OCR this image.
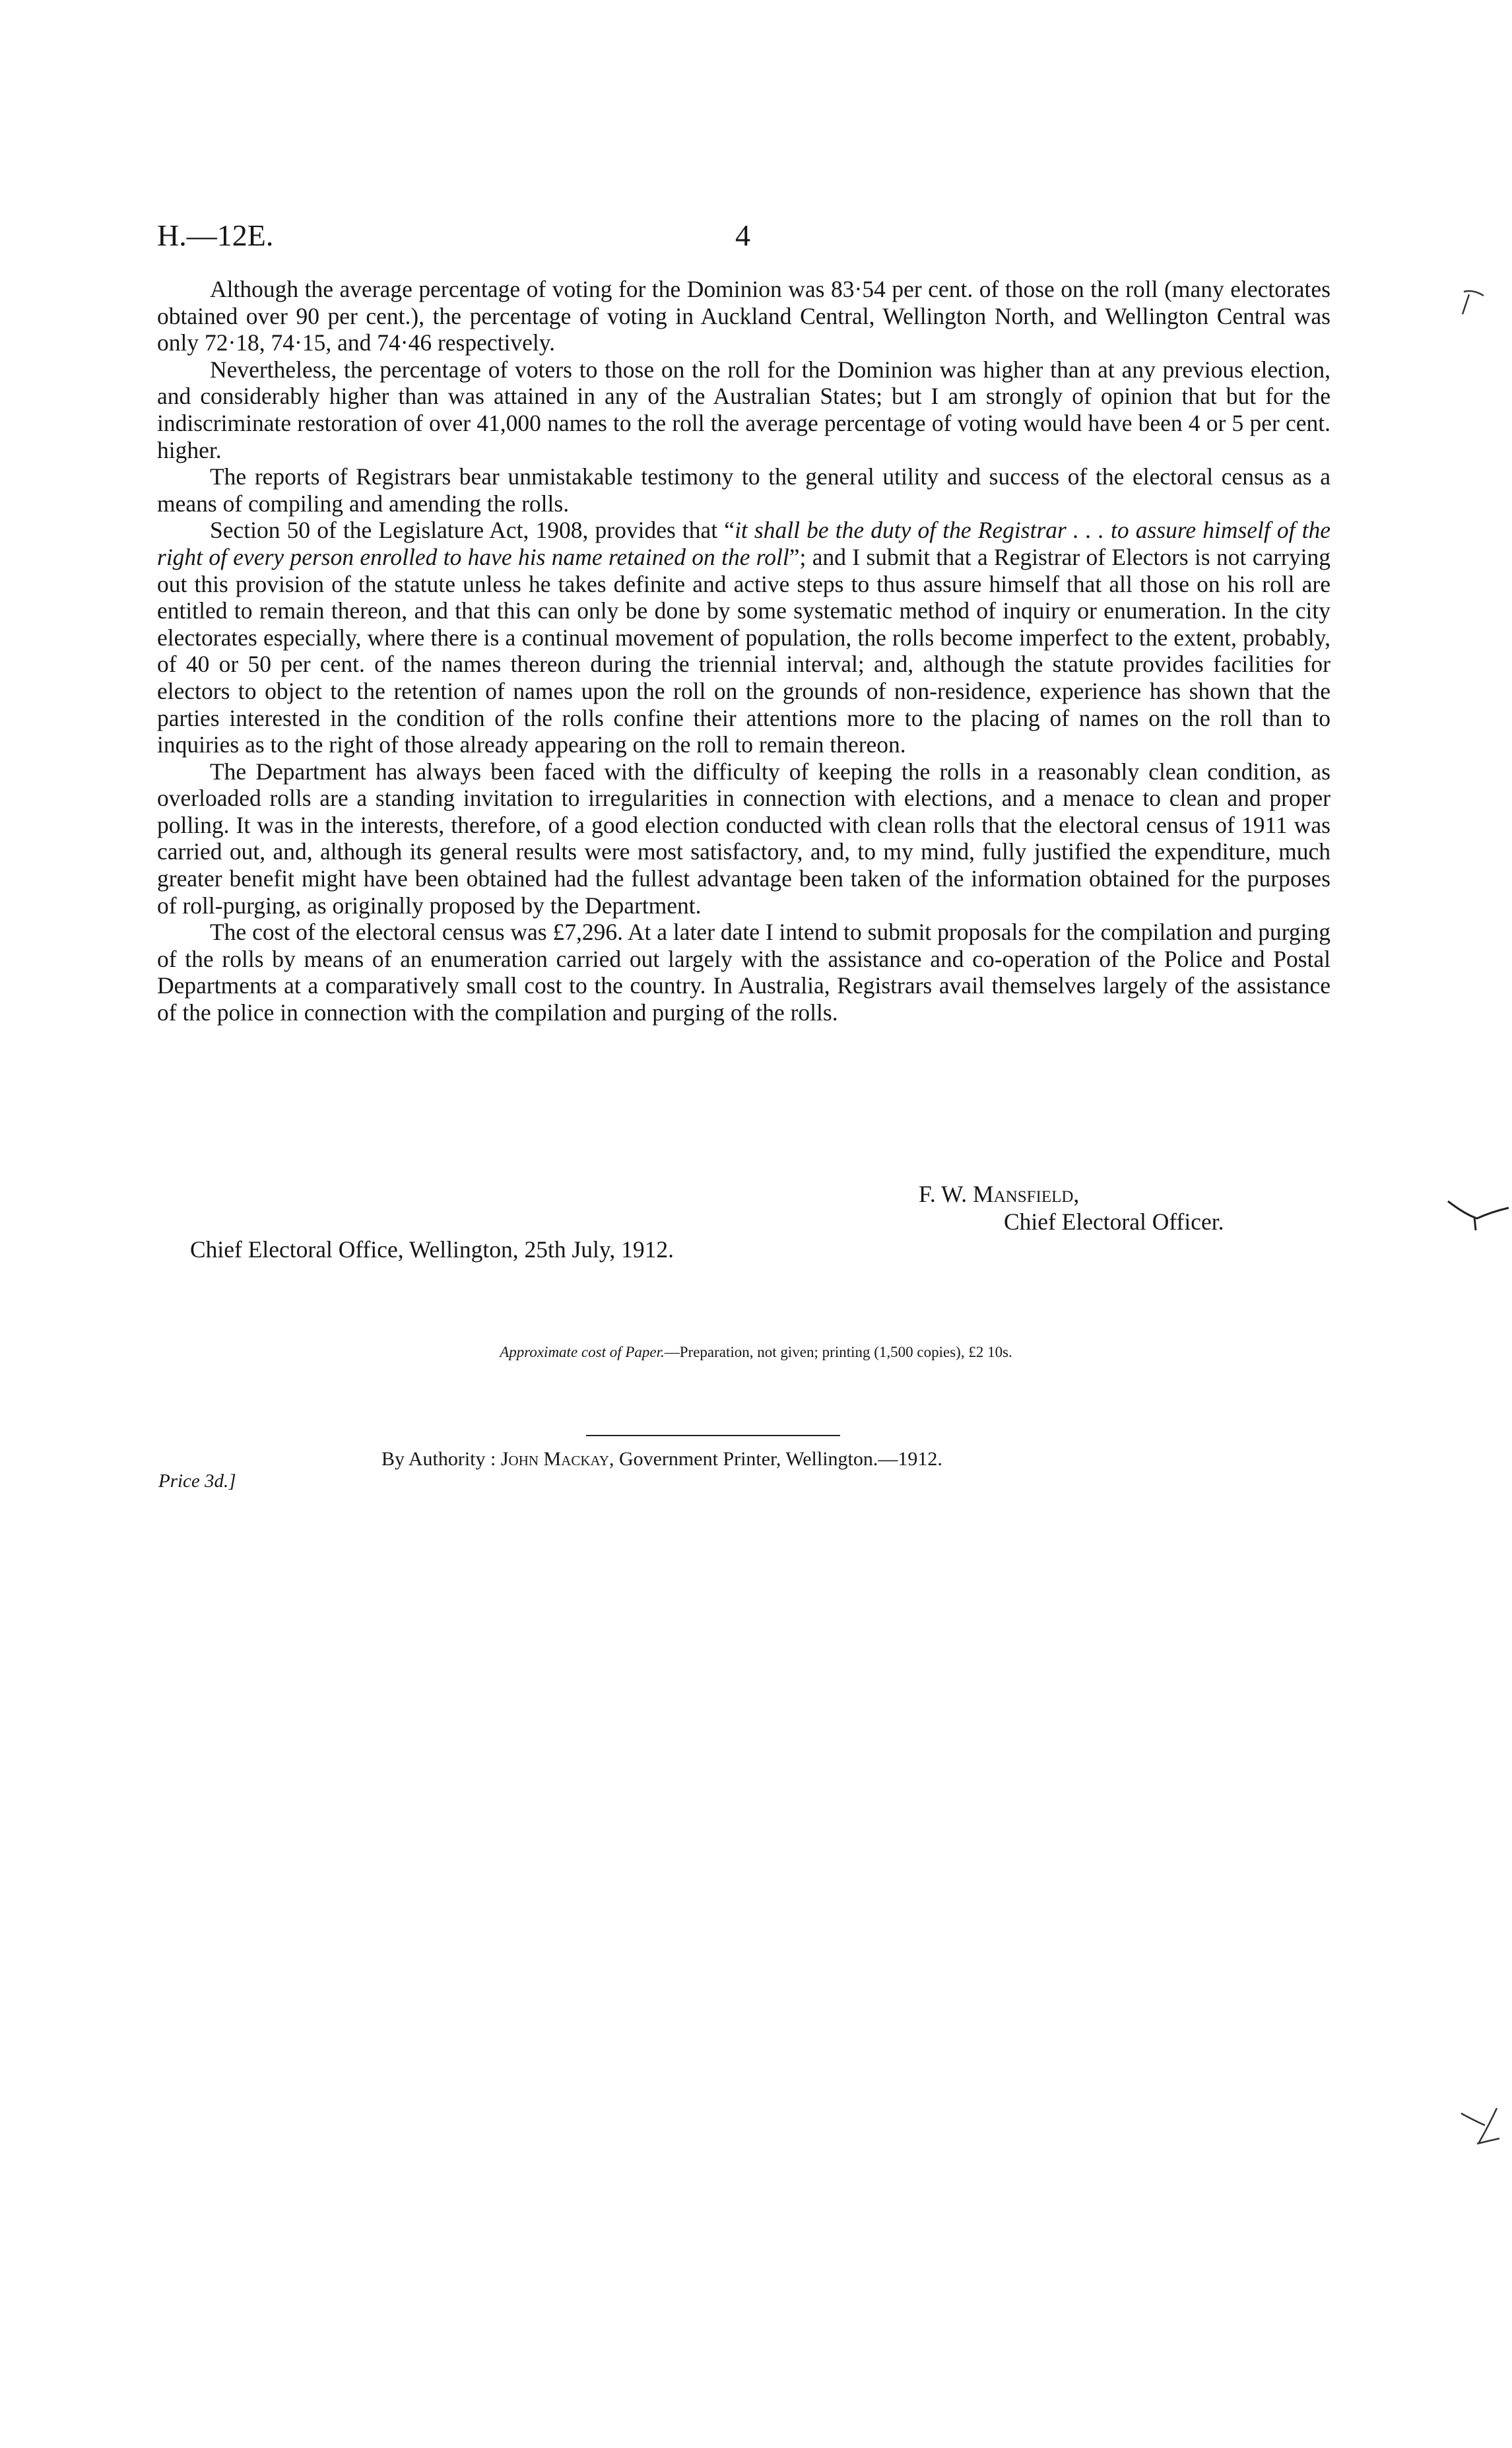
H.—12E.	4

Although the average percentage of voting for the Dominion was 83·54 per cent. of those on the roll (many electorates obtained over 90 per cent.), the percentage of voting in Auckland Central, Wellington North, and Wellington Central was only 72·18, 74·15, and 74·46 respectively.

Nevertheless, the percentage of voters to those on the roll for the Dominion was higher than at any previous election, and considerably higher than was attained in any of the Australian States; but I am strongly of opinion that but for the indiscriminate restoration of over 41,000 names to the roll the average percentage of voting would have been 4 or 5 per cent. higher.

The reports of Registrars bear unmistakable testimony to the general utility and success of the electoral census as a means of compiling and amending the rolls.

Section 50 of the Legislature Act, 1908, provides that “it shall be the duty of the Registrar . . . to assure himself of the right of every person enrolled to have his name retained on the roll”; and I submit that a Registrar of Electors is not carrying out this provision of the statute unless he takes definite and active steps to thus assure himself that all those on his roll are entitled to remain thereon, and that this can only be done by some systematic method of inquiry or enumeration. In the city electorates especially, where there is a continual movement of population, the rolls become imperfect to the extent, probably, of 40 or 50 per cent. of the names thereon during the triennial interval; and, although the statute provides facilities for electors to object to the retention of names upon the roll on the grounds of non-residence, experience has shown that the parties interested in the condition of the rolls confine their attentions more to the placing of names on the roll than to inquiries as to the right of those already appearing on the roll to remain thereon.

The Department has always been faced with the difficulty of keeping the rolls in a reasonably clean condition, as overloaded rolls are a standing invitation to irregularities in connection with elections, and a menace to clean and proper polling. It was in the interests, therefore, of a good election conducted with clean rolls that the electoral census of 1911 was carried out, and, although its general results were most satisfactory, and, to my mind, fully justified the expenditure, much greater benefit might have been obtained had the fullest advantage been taken of the information obtained for the purposes of roll-purging, as originally proposed by the Department.

The cost of the electoral census was £7,296. At a later date I intend to submit proposals for the compilation and purging of the rolls by means of an enumeration carried out largely with the assistance and co-operation of the Police and Postal Departments at a comparatively small cost to the country. In Australia, Registrars avail themselves largely of the assistance of the police in connection with the compilation and purging of the rolls.

F. W. Mansfield,
Chief Electoral Officer.
Chief Electoral Office, Wellington, 25th July, 1912.
Approximate cost of Paper.—Preparation, not given; printing (1,500 copies), £2 10s.
By Authority : John Mackay, Government Printer, Wellington.—1912.
Price 3d.]
